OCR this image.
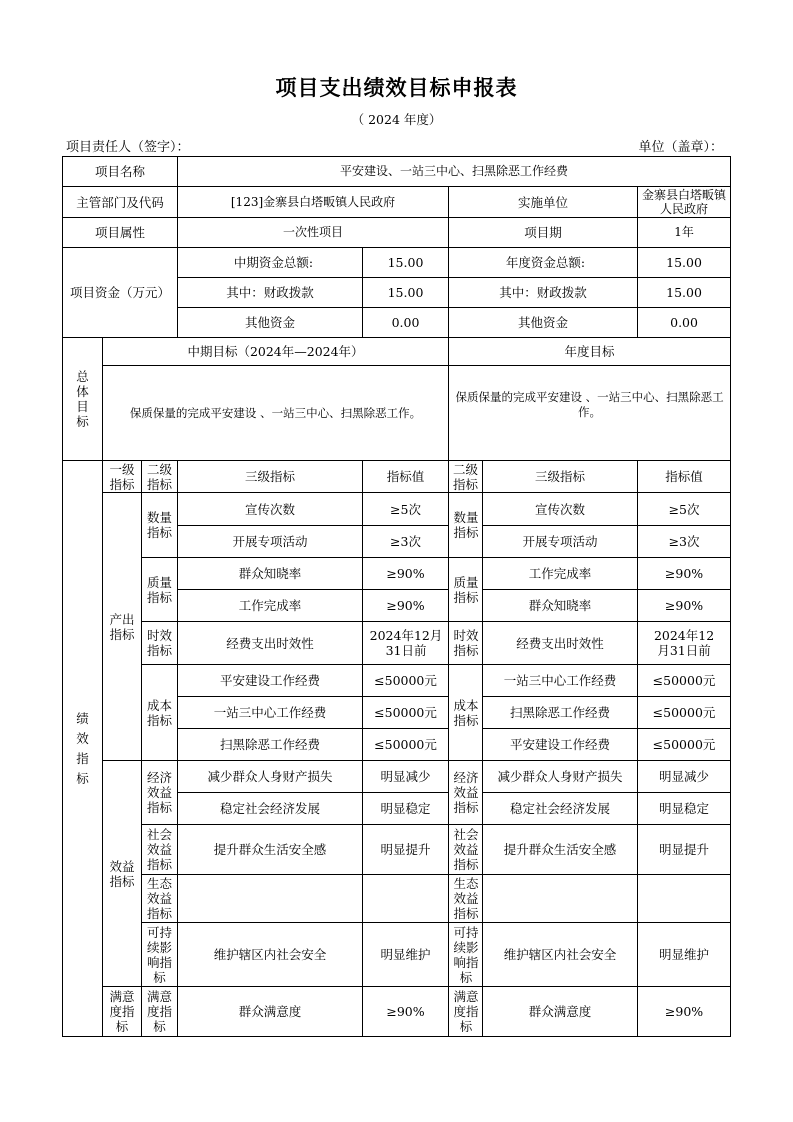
项目支出绩效目标申报表
（ 2024 年度）
项目责任人（签字）：	单位（盖章）：
项目名称			平安建设、一站三中心、扫黑除恶工作经费				
主管部门及代码			[123]金寨县白塔畈镇人民政府		实施单位		金寨县白塔畈镇人民政府
项目属性			一次性项目		项目期		1年
项目资金（万元）			中期资金总额:	15.00	年度资金总额:		15.00
			其中：财政拨款	15.00	其中：财政拨款		15.00
			其他资金	0.00	其他资金		0.00
总体目标	中期目标（2024年—2024年）				年度目标		
	保质保量的完成平安建设 、一站三中心、扫黑除恶工作。				保质保量的完成平安建设 、一站三中心、扫黑除恶工作。		
绩效指标	一级指标	二级指标	三级指标	指标值	二级指标	三级指标	指标值
	产出指标	数量指标	宣传次数	≥5次	数量指标	宣传次数	≥5次
			开展专项活动	≥3次		开展专项活动	≥3次
		质量指标	群众知晓率	≥90%	质量指标	工作完成率	≥90%
			工作完成率	≥90%		群众知晓率	≥90%
		时效指标	经费支出时效性	2024年12月31日前	时效指标	经费支出时效性	2024年12月31日前
		成本指标	平安建设工作经费	≤50000元	成本指标	一站三中心工作经费	≤50000元
			一站三中心工作经费	≤50000元		扫黑除恶工作经费	≤50000元
			扫黑除恶工作经费	≤50000元		平安建设工作经费	≤50000元
	效益指标	经济效益指标	减少群众人身财产损失	明显减少	经济效益指标	减少群众人身财产损失	明显减少
			稳定社会经济发展	明显稳定		稳定社会经济发展	明显稳定
		社会效益指标	提升群众生活安全感	明显提升	社会效益指标	提升群众生活安全感	明显提升
		生态效益指标			生态效益指标		
		可持续影响指标	维护辖区内社会安全	明显维护	可持续影响指标	维护辖区内社会安全	明显维护
	满意度指标	满意度指标	群众满意度	≥90%	满意度指标	群众满意度	≥90%
